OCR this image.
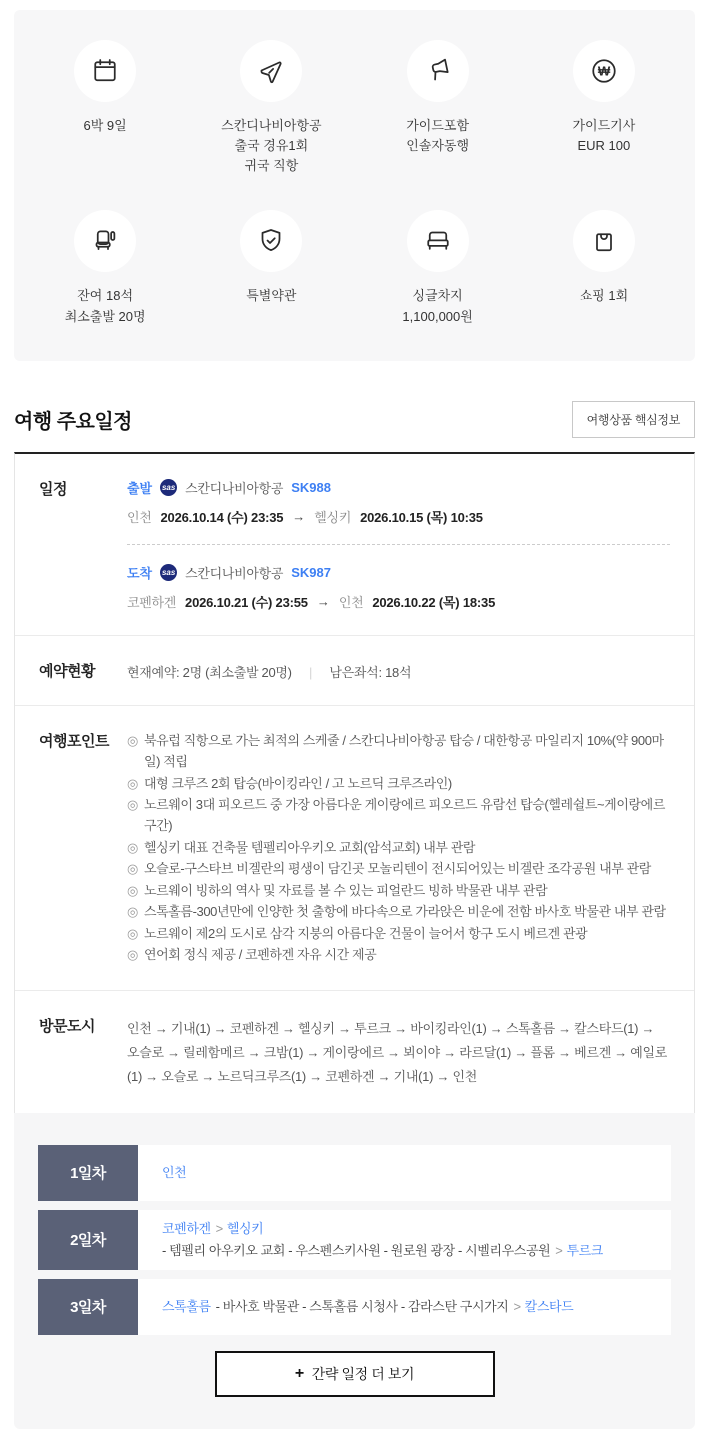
6박 9일	스칸디나비아항공
출국 경유1회
귀국 직항
가이드포함
인솔자동행
₩
가이드기사
EUR 100
잔여 18석
최소출발 20명
특별약관	싱글차지
1,100,000원
쇼핑 1회
여행 주요일정	여행상품 핵심정보
일정	출발 sas 스칸디나비아항공 SK988
인천 2026.10.14 (수) 23:35 → 헬싱키 2026.10.15 (목) 10:35
도착 sas 스칸디나비아항공 SK987
코펜하겐 2026.10.21 (수) 23:55 → 인천 2026.10.22 (목) 18:35
예약현황	현재예약: 2명 (최소출발 20명) | 남은좌석: 18석
여행포인트	◎ 북유럽 직항으로 가는 최적의 스케줄 / 스칸디나비아항공 탑승 / 대한항공 마일리지 10%(약 900마일) 적립
◎ 대형 크루즈 2회 탑승(바이킹라인 / 고 노르딕 크루즈라인)
◎ 노르웨이 3대 피오르드 중 가장 아름다운 게이랑에르 피오르드 유람선 탑승(헬레쉴트~게이랑에르 구간)
◎ 헬싱키 대표 건축물 템펠리아우키오 교회(암석교회) 내부 관람
◎ 오슬로-구스타브 비겔란의 평생이 담긴곳 모놀리텐이 전시되어있는 비겔란 조각공원 내부 관람
◎ 노르웨이 빙하의 역사 및 자료를 볼 수 있는 피얼란드 빙하 박물관 내부 관람
◎ 스톡홀름-300년만에 인양한 첫 출항에 바다속으로 가라앉은 비운에 전함 바사호 박물관 내부 관람
◎ 노르웨이 제2의 도시로 삼각 지붕의 아름다운 건물이 늘어서 항구 도시 베르겐 관광
◎ 연어회 정식 제공 / 코펜하겐 자유 시간 제공
방문도시	인천 → 기내(1) → 코펜하겐 → 헬싱키 → 투르크 → 바이킹라인(1) → 스톡홀름 → 칼스타드(1) → 오슬로 → 릴레함메르 → 크밤(1) → 게이랑에르 → 뵈이야 → 라르달(1) → 플롬 → 베르겐 → 예일로(1) → 오슬로 → 노르딕크루즈(1) → 코펜하겐 → 기내(1) → 인천
1일차	인천
2일차
코펜하겐 > 헬싱키
- 템펠리 아우키오 교회 - 우스펜스키사원 - 원로원 광장 - 시벨리우스공원 > 투르크
3일차	스톡홀름 - 바사호 박물관 - 스톡홀름 시청사 - 감라스탄 구시가지 > 칼스타드
+ 간략 일정 더 보기
